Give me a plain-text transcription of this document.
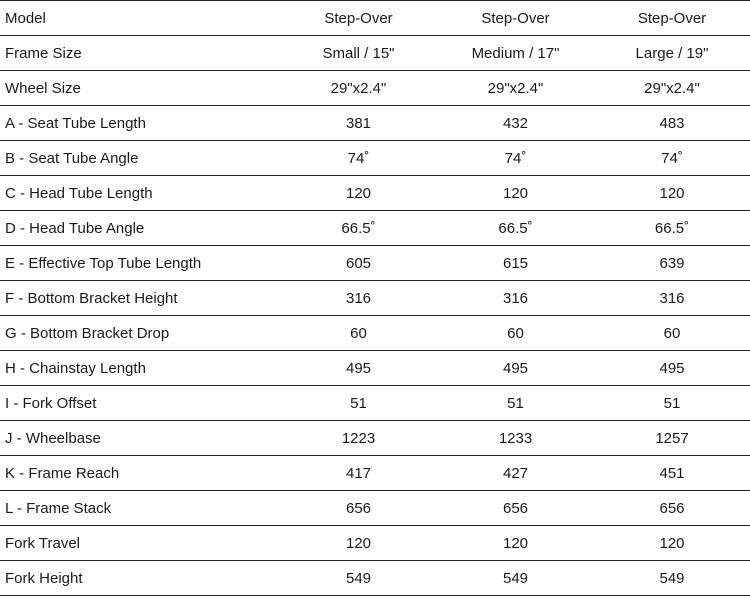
Model	Step-Over	Step-Over	Step-Over
Frame Size	Small / 15"	Medium / 17"	Large / 19"
Wheel Size	29"x2.4"	29"x2.4"	29"x2.4"
A - Seat Tube Length	381	432	483
B - Seat Tube Angle	74˚	74˚	74˚
C - Head Tube Length	120	120	120
D - Head Tube Angle	66.5˚	66.5˚	66.5˚
E - Effective Top Tube Length	605	615	639
F - Bottom Bracket Height	316	316	316
G - Bottom Bracket Drop	60	60	60
H - Chainstay Length	495	495	495
I - Fork Offset	51	51	51
J - Wheelbase	1223	1233	1257
K - Frame Reach	417	427	451
L - Frame Stack	656	656	656
Fork Travel	120	120	120
Fork Height	549	549	549
